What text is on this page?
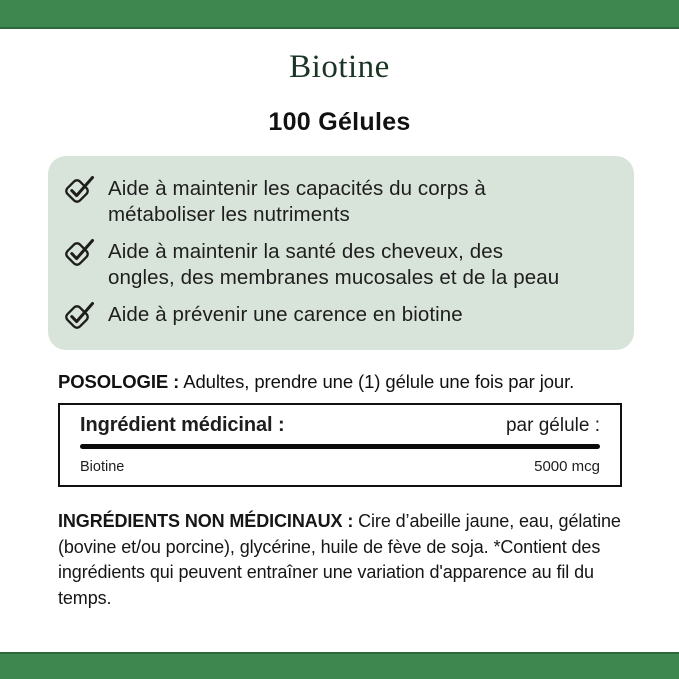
Biotine
100 Gélules
Aide à maintenir les capacités du corps à métaboliser les nutriments
Aide à maintenir la santé des cheveux, des ongles, des membranes mucosales et de la peau
Aide à prévenir une carence en biotine
POSOLOGIE : Adultes, prendre une (1) gélule une fois par jour.
Ingrédient médicinal :	par gélule :
Biotine	5000 mcg

INGRÉDIENTS NON MÉDICINAUX : Cire d’abeille jaune, eau, gélatine (bovine et/ou porcine), glycérine, huile de fève de soja. *Contient des ingrédients qui peuvent entraîner une variation d'apparence au fil du temps.
